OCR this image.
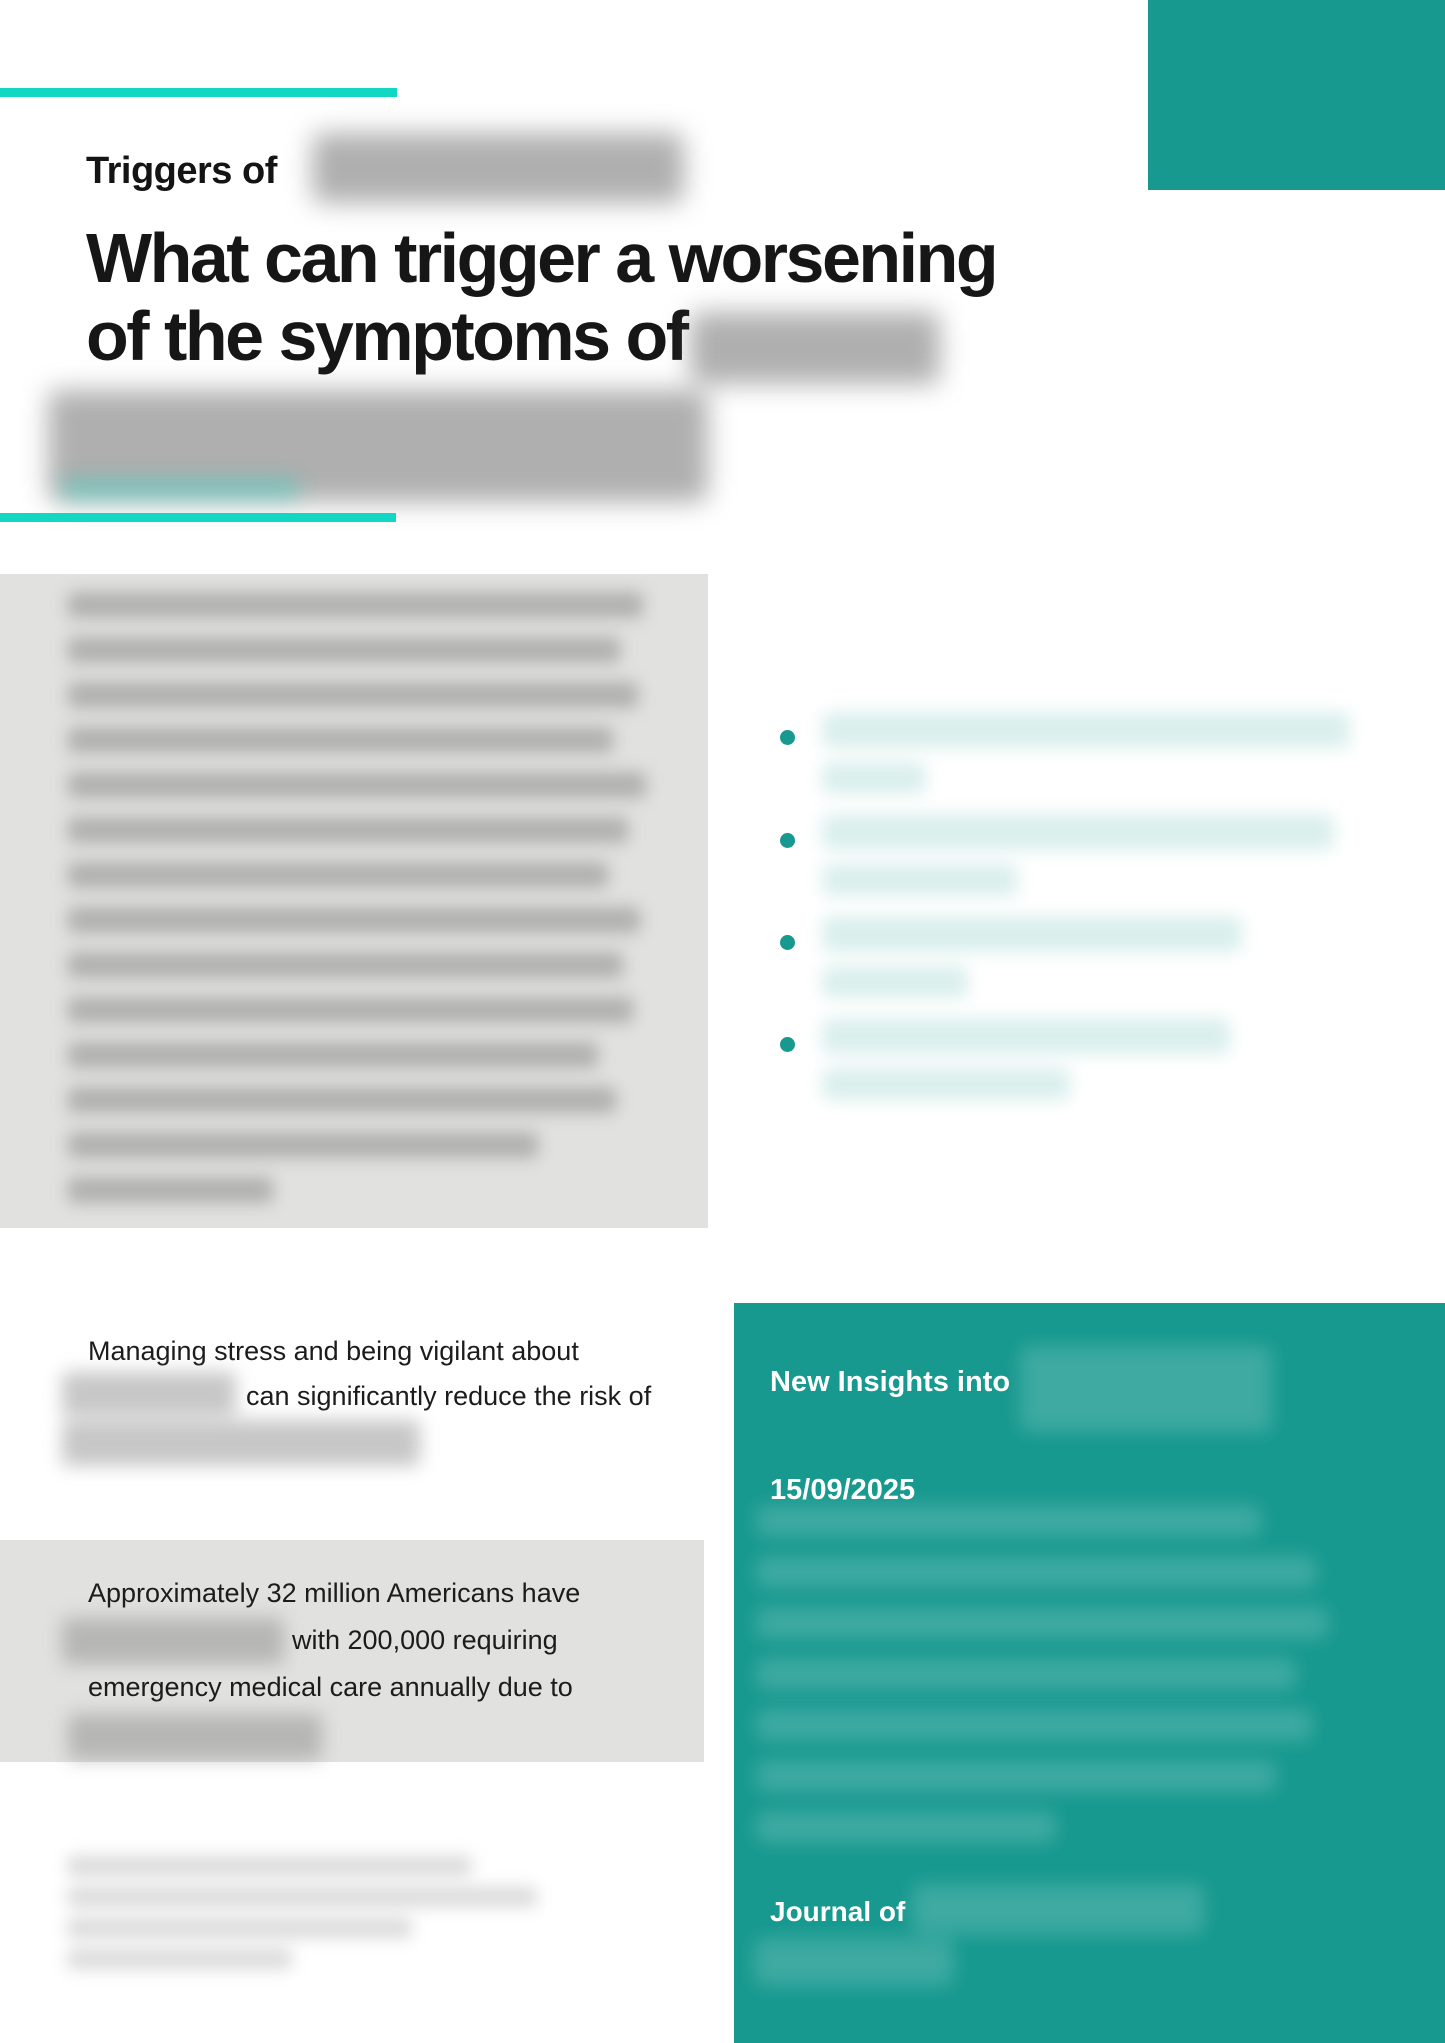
Triggers of
What can trigger a worsening
of the symptoms of
Managing stress and being vigilant about
can significantly reduce the risk of
Approximately 32 million Americans have
with 200,000 requiring
emergency medical care annually due to
New Insights into
15/09/2025
Journal of
